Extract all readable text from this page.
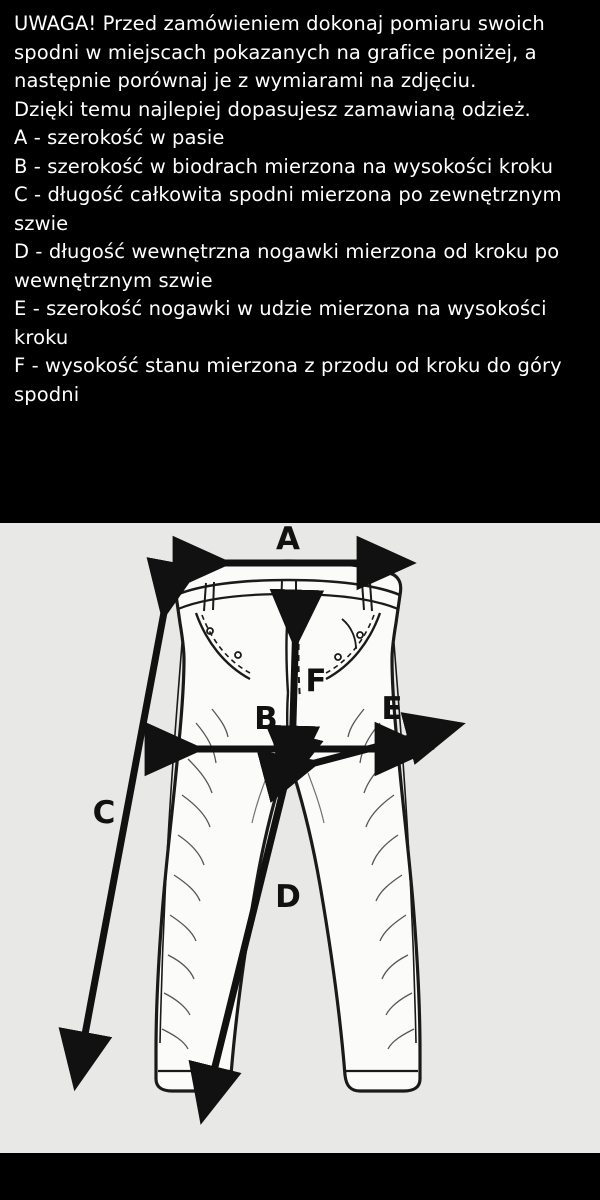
UWAGA! Przed zamówieniem dokonaj pomiaru swoich spodni w miejscach pokazanych na grafice poniżej, a następnie porównaj je z wymiarami na zdjęciu.

Dzięki temu najlepiej dopasujesz zamawianą odzież.

A - szerokość w pasie

B - szerokość w biodrach mierzona na wysokości kroku

C - długość całkowita spodni mierzona po zewnętrznym szwie

D - długość wewnętrzna nogawki mierzona od kroku po wewnętrznym szwie

E - szerokość nogawki w udzie mierzona na wysokości kroku

F - wysokość stanu mierzona z przodu od kroku do góry spodni

A
C
F
B	E
D
